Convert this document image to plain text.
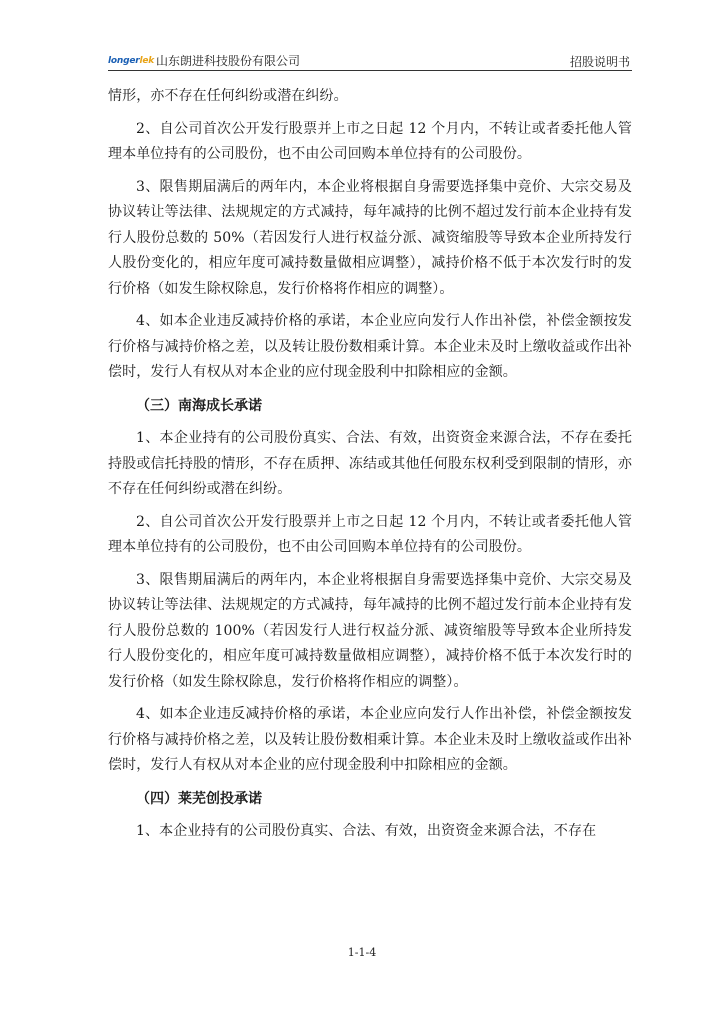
longerlek 山东朗进科技股份有限公司	招股说明书

情形，亦不存在任何纠纷或潜在纠纷。

2、自公司首次公开发行股票并上市之日起 12 个月内，不转让或者委托他人管理本单位持有的公司股份，也不由公司回购本单位持有的公司股份。

3、限售期届满后的两年内，本企业将根据自身需要选择集中竞价、大宗交易及协议转让等法律、法规规定的方式减持，每年减持的比例不超过发行前本企业持有发行人股份总数的 50%（若因发行人进行权益分派、减资缩股等导致本企业所持发行人股份变化的，相应年度可减持数量做相应调整），减持价格不低于本次发行时的发行价格（如发生除权除息，发行价格将作相应的调整）。

4、如本企业违反减持价格的承诺，本企业应向发行人作出补偿，补偿金额按发行价格与减持价格之差，以及转让股份数相乘计算。本企业未及时上缴收益或作出补偿时，发行人有权从对本企业的应付现金股利中扣除相应的金额。

（三）南海成长承诺

1、本企业持有的公司股份真实、合法、有效，出资资金来源合法，不存在委托持股或信托持股的情形，不存在质押、冻结或其他任何股东权利受到限制的情形，亦不存在任何纠纷或潜在纠纷。

2、自公司首次公开发行股票并上市之日起 12 个月内，不转让或者委托他人管理本单位持有的公司股份，也不由公司回购本单位持有的公司股份。

3、限售期届满后的两年内，本企业将根据自身需要选择集中竞价、大宗交易及协议转让等法律、法规规定的方式减持，每年减持的比例不超过发行前本企业持有发行人股份总数的 100%（若因发行人进行权益分派、减资缩股等导致本企业所持发行人股份变化的，相应年度可减持数量做相应调整），减持价格不低于本次发行时的发行价格（如发生除权除息，发行价格将作相应的调整）。

4、如本企业违反减持价格的承诺，本企业应向发行人作出补偿，补偿金额按发行价格与减持价格之差，以及转让股份数相乘计算。本企业未及时上缴收益或作出补偿时，发行人有权从对本企业的应付现金股利中扣除相应的金额。

（四）莱芜创投承诺

1、本企业持有的公司股份真实、合法、有效，出资资金来源合法，不存在

1-1-4
